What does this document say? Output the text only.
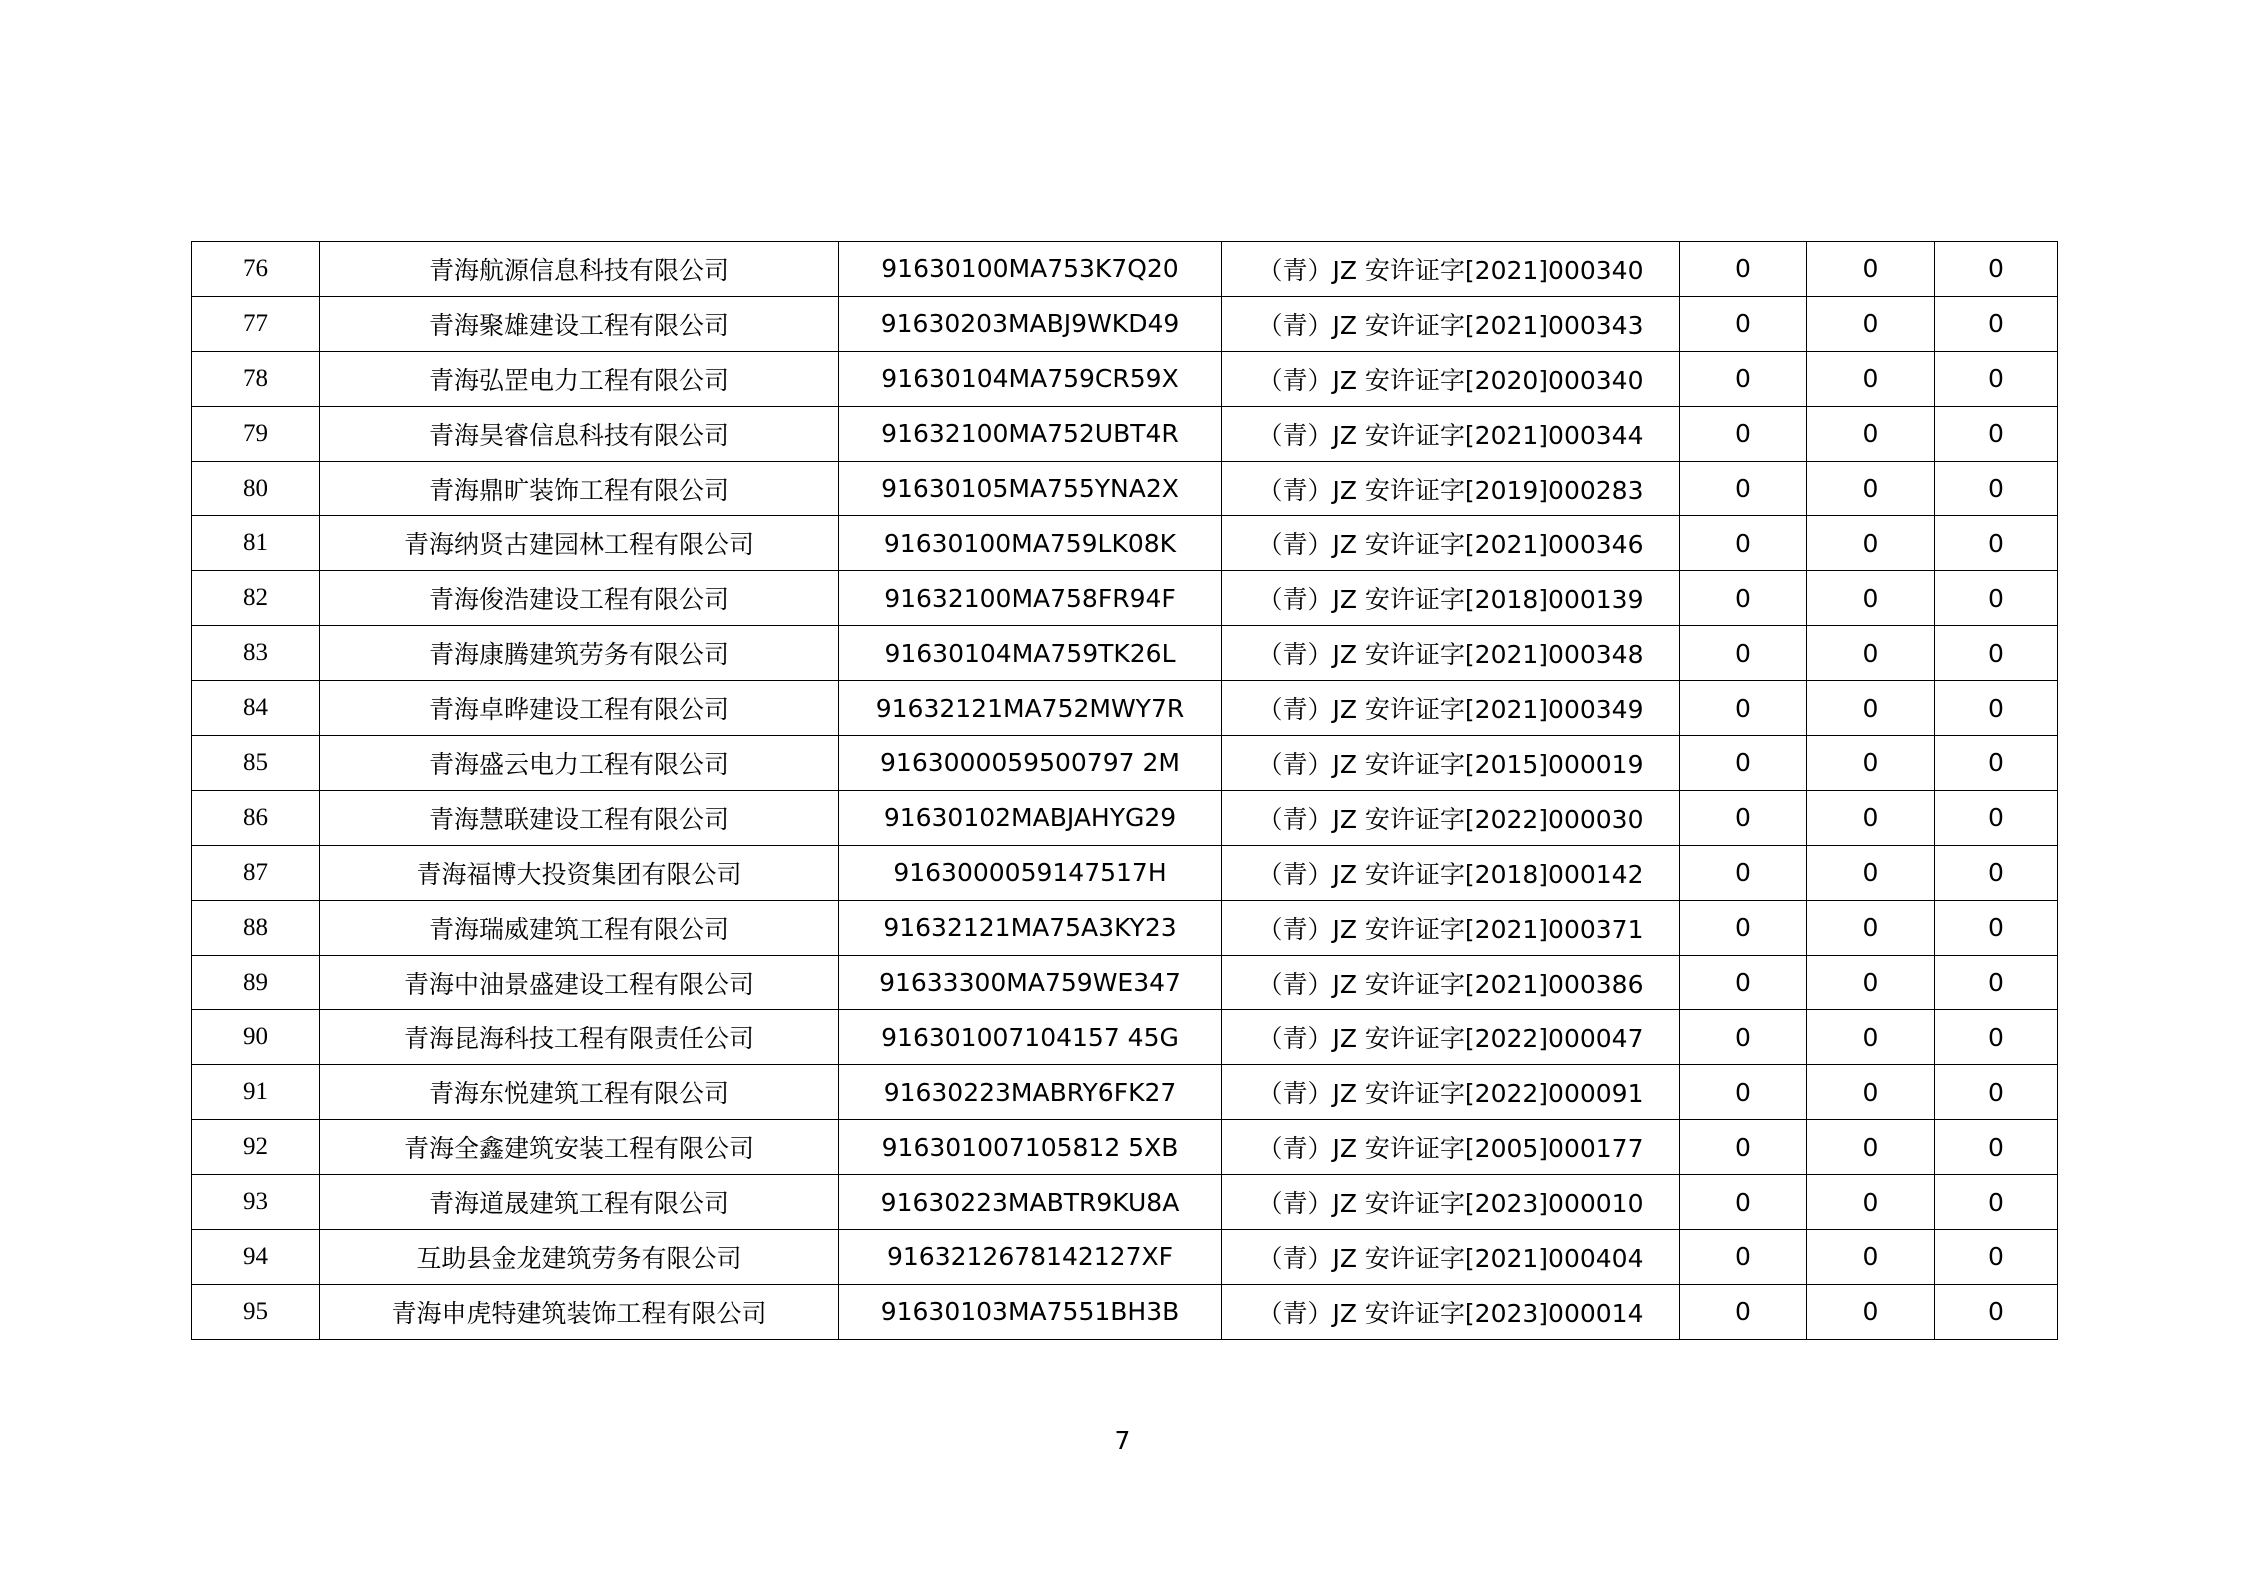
76	青海航源信息科技有限公司	91630100MA753K7Q20	（青）JZ 安许证字[2021]000340	0	0	0
77	青海聚雄建设工程有限公司	91630203MABJ9WKD49	（青）JZ 安许证字[2021]000343	0	0	0
78	青海弘罡电力工程有限公司	91630104MA759CR59X	（青）JZ 安许证字[2020]000340	0	0	0
79	青海昊睿信息科技有限公司	91632100MA752UBT4R	（青）JZ 安许证字[2021]000344	0	0	0
80	青海鼎旷装饰工程有限公司	91630105MA755YNA2X	（青）JZ 安许证字[2019]000283	0	0	0
81	青海纳贤古建园林工程有限公司	91630100MA759LK08K	（青）JZ 安许证字[2021]000346	0	0	0
82	青海俊浩建设工程有限公司	91632100MA758FR94F	（青）JZ 安许证字[2018]000139	0	0	0
83	青海康腾建筑劳务有限公司	91630104MA759TK26L	（青）JZ 安许证字[2021]000348	0	0	0
84	青海卓晔建设工程有限公司	91632121MA752MWY7R	（青）JZ 安许证字[2021]000349	0	0	0
85	青海盛云电力工程有限公司	9163000059500797 2M	（青）JZ 安许证字[2015]000019	0	0	0
86	青海慧联建设工程有限公司	91630102MABJAHYG29	（青）JZ 安许证字[2022]000030	0	0	0
87	青海福博大投资集团有限公司	9163000059147517H	（青）JZ 安许证字[2018]000142	0	0	0
88	青海瑞威建筑工程有限公司	91632121MA75A3KY23	（青）JZ 安许证字[2021]000371	0	0	0
89	青海中油景盛建设工程有限公司	91633300MA759WE347	（青）JZ 安许证字[2021]000386	0	0	0
90	青海昆海科技工程有限责任公司	916301007104157 45G	（青）JZ 安许证字[2022]000047	0	0	0
91	青海东悦建筑工程有限公司	91630223MABRY6FK27	（青）JZ 安许证字[2022]000091	0	0	0
92	青海全鑫建筑安装工程有限公司	916301007105812 5XB	（青）JZ 安许证字[2005]000177	0	0	0
93	青海道晟建筑工程有限公司	91630223MABTR9KU8A	（青）JZ 安许证字[2023]000010	0	0	0
94	互助县金龙建筑劳务有限公司	9163212678142127XF	（青）JZ 安许证字[2021]000404	0	0	0
95	青海申虎特建筑装饰工程有限公司	91630103MA7551BH3B	（青）JZ 安许证字[2023]000014	0	0	0
7
